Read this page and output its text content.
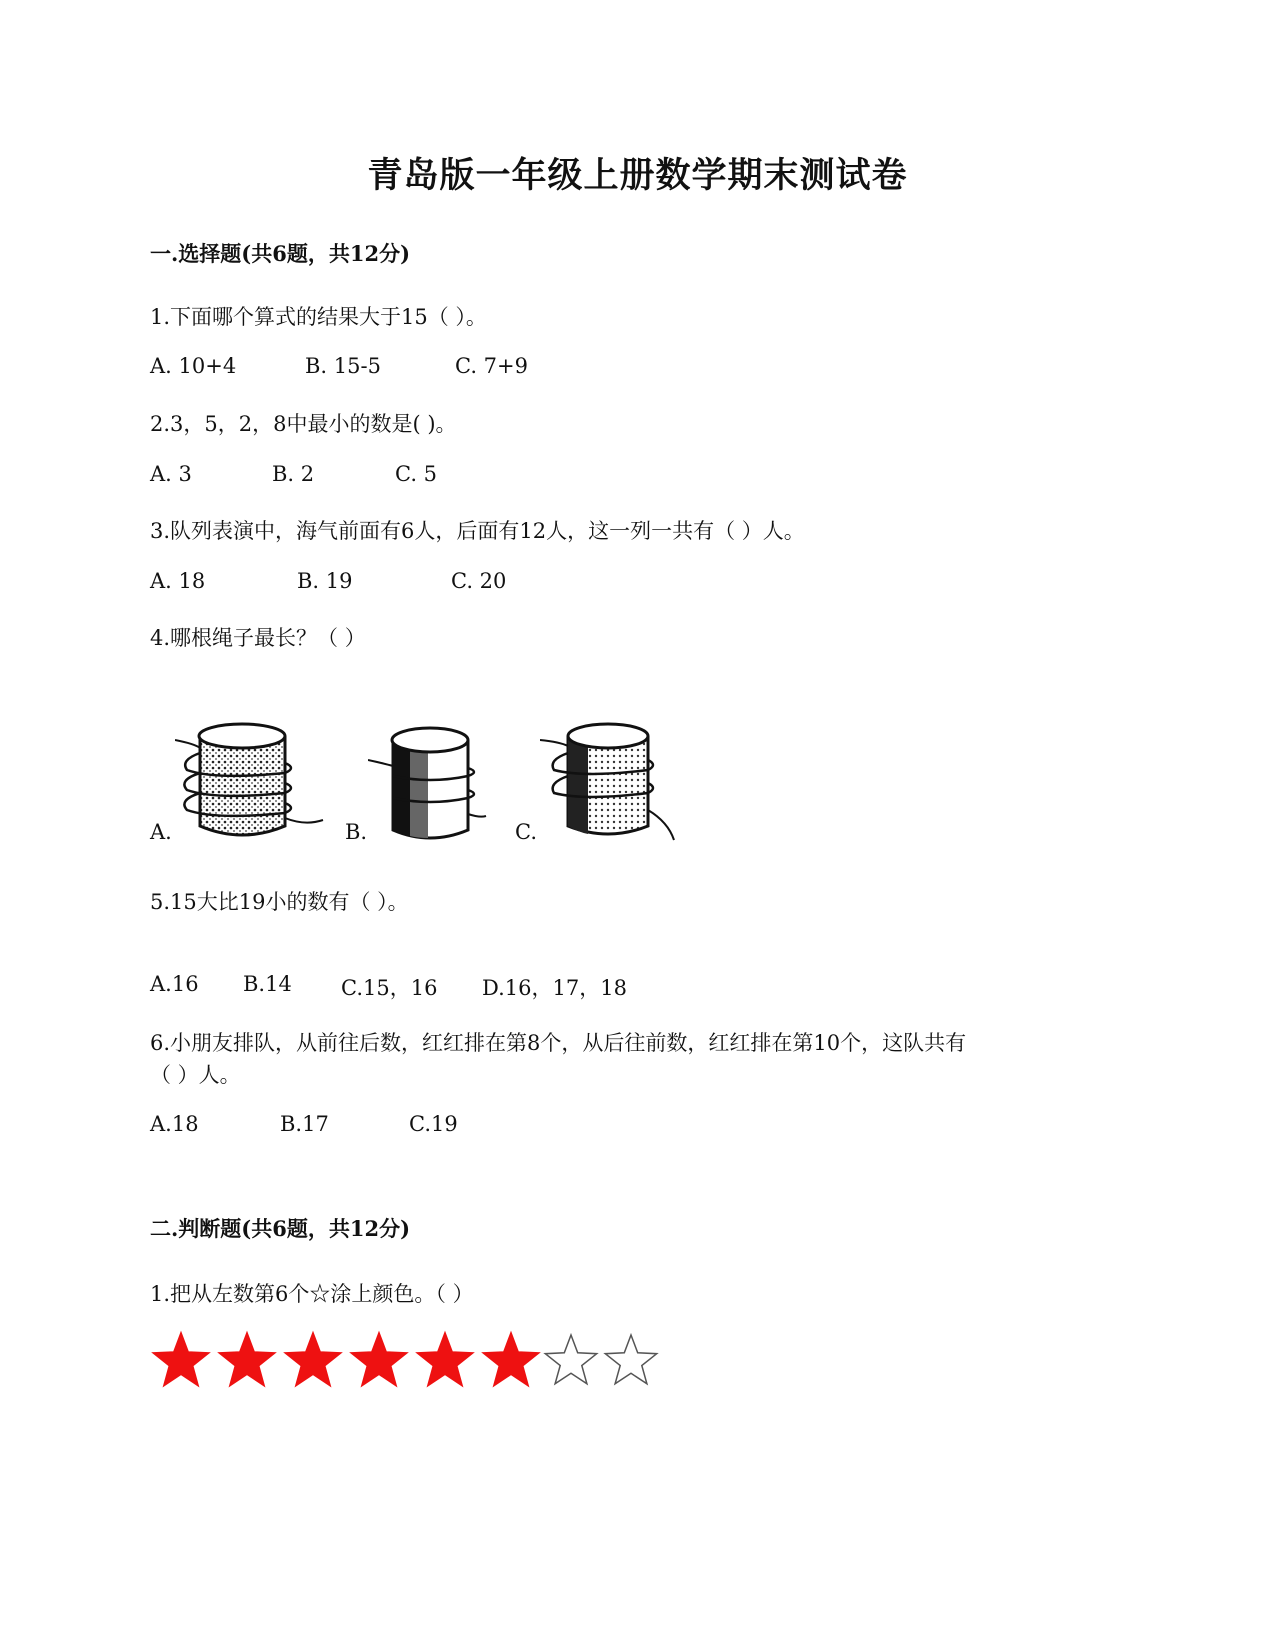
青岛版一年级上册数学期末测试卷
一.选择题(共6题，共12分)
1.下面哪个算式的结果大于15（ ）。
A. 10+4	B. 15-5	C. 7+9
2.3，5，2，8中最小的数是( )。
A. 3	B. 2	C. 5
3.队列表演中，海气前面有6人，后面有12人，这一列一共有（ ）人。
A. 18	B. 19	C. 20
4.哪根绳子最长？（ ）
A.	B.	C.
5.15大比19小的数有（ ）。
A.16 B.14 C.15，16 D.16，17，18
6.小朋友排队，从前往后数，红红排在第8个，从后往前数，红红排在第10个，这队共有
（ ）人。
A.18	B.17	C.19
二.判断题(共6题，共12分)
1.把从左数第6个☆涂上颜色。（ ）
